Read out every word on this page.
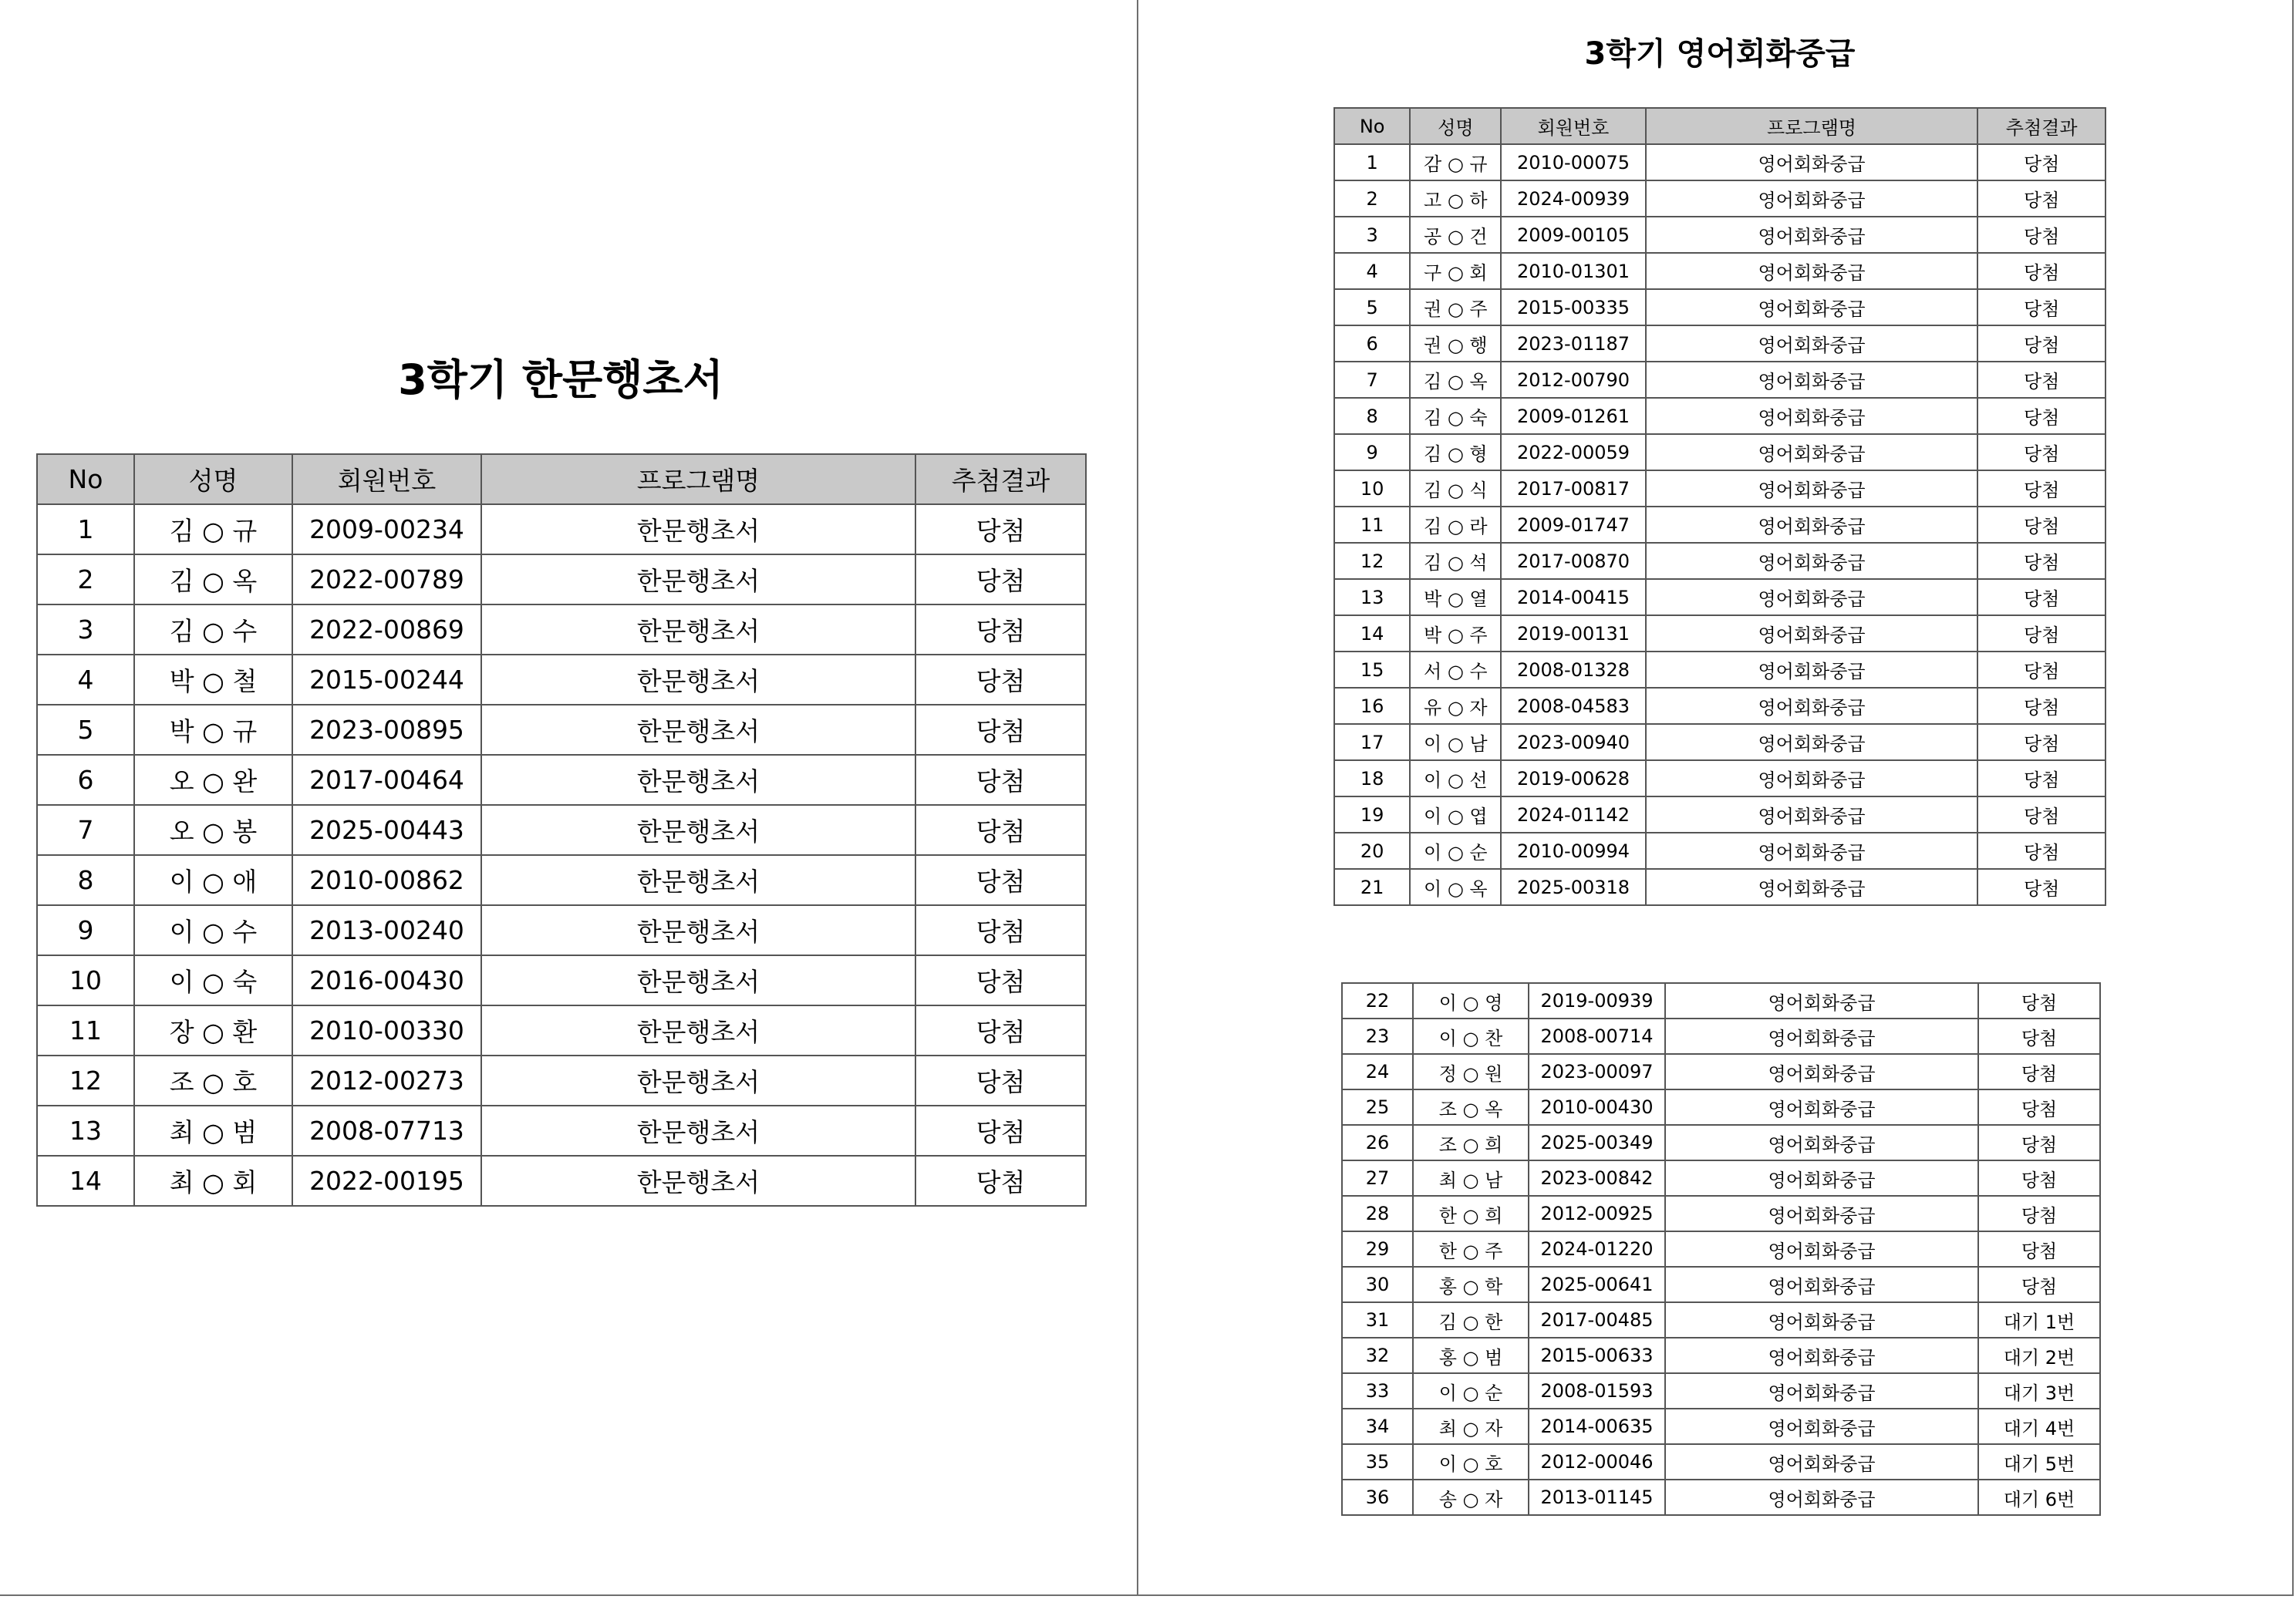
3학기 한문행초서
No	성명	회원번호	프로그램명	추첨결과
1	김 ○ 규	2009-00234	한문행초서	당첨
2	김 ○ 옥	2022-00789	한문행초서	당첨
3	김 ○ 수	2022-00869	한문행초서	당첨
4	박 ○ 철	2015-00244	한문행초서	당첨
5	박 ○ 규	2023-00895	한문행초서	당첨
6	오 ○ 완	2017-00464	한문행초서	당첨
7	오 ○ 봉	2025-00443	한문행초서	당첨
8	이 ○ 애	2010-00862	한문행초서	당첨
9	이 ○ 수	2013-00240	한문행초서	당첨
10	이 ○ 숙	2016-00430	한문행초서	당첨
11	장 ○ 환	2010-00330	한문행초서	당첨
12	조 ○ 호	2012-00273	한문행초서	당첨
13	최 ○ 범	2008-07713	한문행초서	당첨
14	최 ○ 회	2022-00195	한문행초서	당첨
3학기 영어회화중급
No	성명	회원번호	프로그램명	추첨결과
1	감 ○ 규	2010-00075	영어회화중급	당첨
2	고 ○ 하	2024-00939	영어회화중급	당첨
3	공 ○ 건	2009-00105	영어회화중급	당첨
4	구 ○ 회	2010-01301	영어회화중급	당첨
5	권 ○ 주	2015-00335	영어회화중급	당첨
6	권 ○ 행	2023-01187	영어회화중급	당첨
7	김 ○ 옥	2012-00790	영어회화중급	당첨
8	김 ○ 숙	2009-01261	영어회화중급	당첨
9	김 ○ 형	2022-00059	영어회화중급	당첨
10	김 ○ 식	2017-00817	영어회화중급	당첨
11	김 ○ 라	2009-01747	영어회화중급	당첨
12	김 ○ 석	2017-00870	영어회화중급	당첨
13	박 ○ 열	2014-00415	영어회화중급	당첨
14	박 ○ 주	2019-00131	영어회화중급	당첨
15	서 ○ 수	2008-01328	영어회화중급	당첨
16	유 ○ 자	2008-04583	영어회화중급	당첨
17	이 ○ 남	2023-00940	영어회화중급	당첨
18	이 ○ 선	2019-00628	영어회화중급	당첨
19	이 ○ 엽	2024-01142	영어회화중급	당첨
20	이 ○ 순	2010-00994	영어회화중급	당첨
21	이 ○ 옥	2025-00318	영어회화중급	당첨
22	이 ○ 영	2019-00939	영어회화중급	당첨
23	이 ○ 찬	2008-00714	영어회화중급	당첨
24	정 ○ 원	2023-00097	영어회화중급	당첨
25	조 ○ 옥	2010-00430	영어회화중급	당첨
26	조 ○ 희	2025-00349	영어회화중급	당첨
27	최 ○ 남	2023-00842	영어회화중급	당첨
28	한 ○ 희	2012-00925	영어회화중급	당첨
29	한 ○ 주	2024-01220	영어회화중급	당첨
30	홍 ○ 학	2025-00641	영어회화중급	당첨
31	김 ○ 한	2017-00485	영어회화중급	대기 1번
32	홍 ○ 범	2015-00633	영어회화중급	대기 2번
33	이 ○ 순	2008-01593	영어회화중급	대기 3번
34	최 ○ 자	2014-00635	영어회화중급	대기 4번
35	이 ○ 호	2012-00046	영어회화중급	대기 5번
36	송 ○ 자	2013-01145	영어회화중급	대기 6번
